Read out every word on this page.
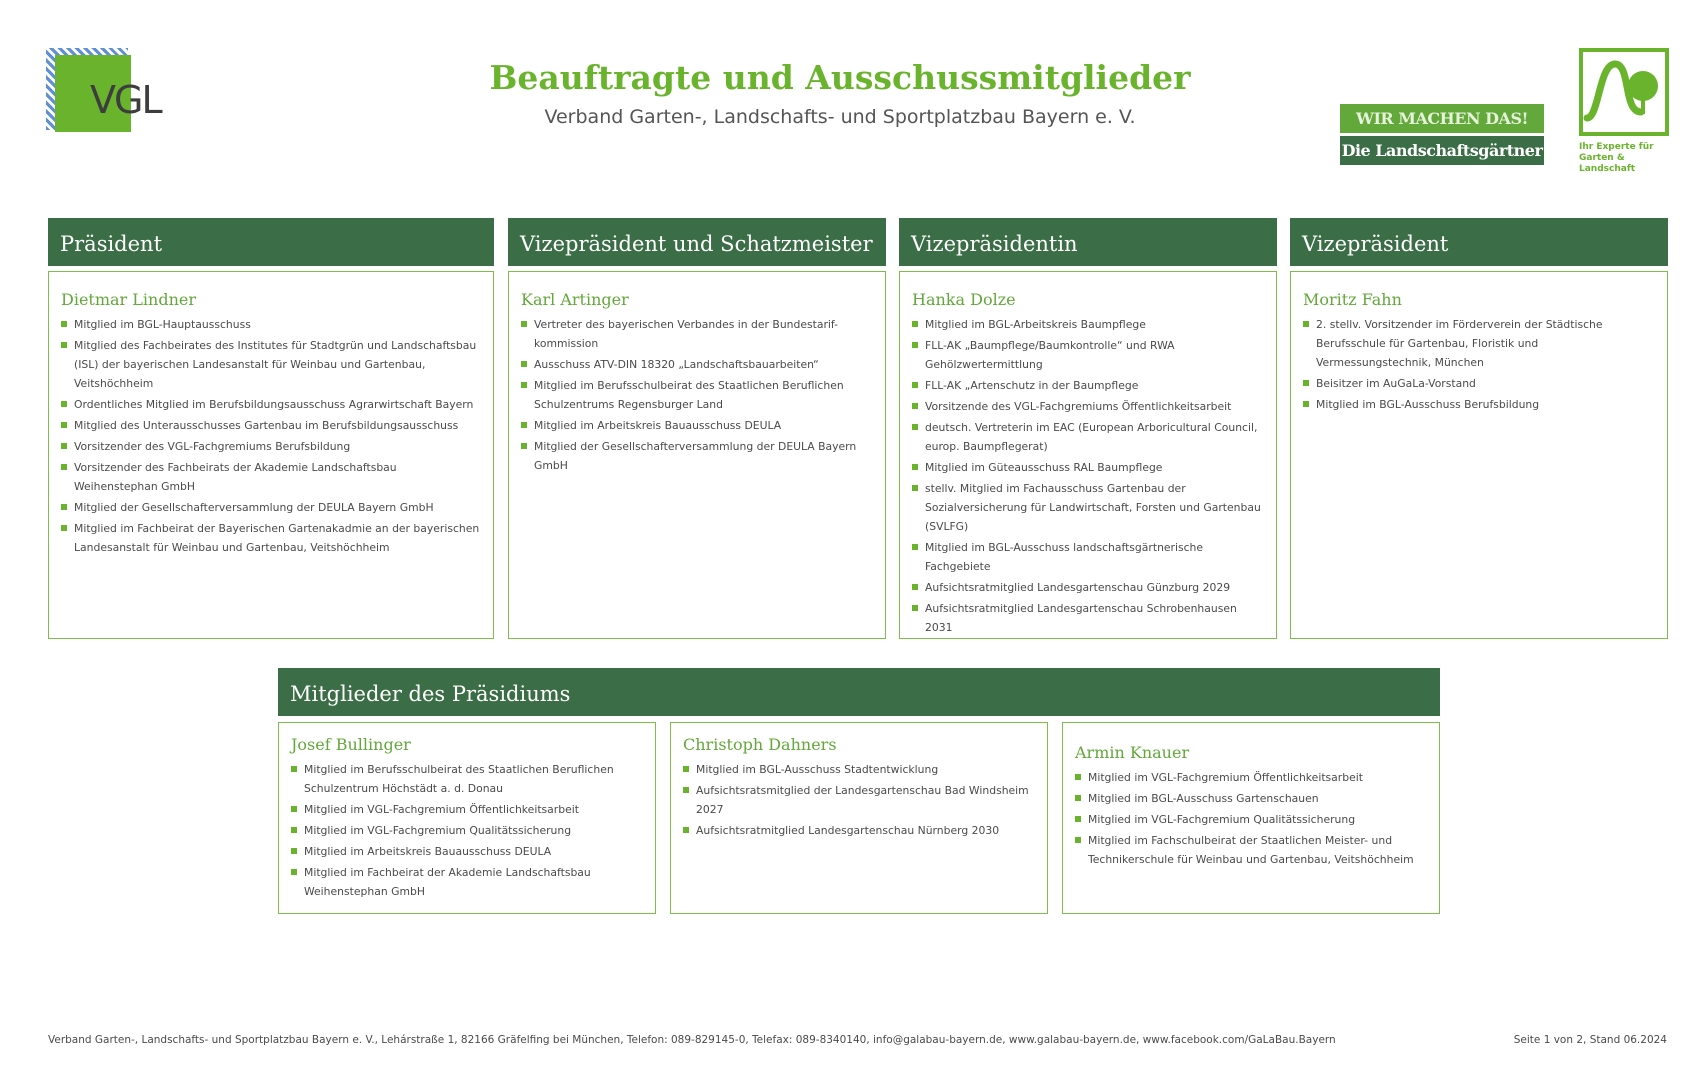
VGL
Beauftragte und Ausschussmitglieder
Verband Garten-, Landschafts- und Sportplatzbau Bayern e. V.	WIR MACHEN DAS!
Die Landschaftsgärtner	Ihr Experte für Garten & Landschaft
Präsident
Dietmar Lindner
Mitglied im BGL-Hauptausschuss
Mitglied des Fachbeirates des Institutes für Stadtgrün und Landschaftsbau (ISL) der bayerischen Landesanstalt für Weinbau und Gartenbau, Veitshöchheim
Ordentliches Mitglied im Berufsbildungsausschuss Agrarwirtschaft Bayern
Mitglied des Unterausschusses Gartenbau im Berufsbildungsausschuss
Vorsitzender des VGL-Fachgremiums Berufsbildung
Vorsitzender des Fachbeirats der Akademie Landschaftsbau Weihenstephan GmbH
Mitglied der Gesellschafterversammlung der DEULA Bayern GmbH
Mitglied im Fachbeirat der Bayerischen Gartenakadmie an der bayerischen Landesanstalt für Weinbau und Gartenbau, Veitshöchheim
Vizepräsident und Schatzmeister
Karl Artinger
Vertreter des bayerischen Verbandes in der Bundestarif-kommission
Ausschuss ATV-DIN 18320 „Landschaftsbauarbeiten“
Mitglied im Berufsschulbeirat des Staatlichen Beruflichen Schulzentrums Regensburger Land
Mitglied im Arbeitskreis Bauausschuss DEULA
Mitglied der Gesellschafterversammlung der DEULA Bayern GmbH
Vizepräsidentin
Hanka Dolze
Mitglied im BGL-Arbeitskreis Baumpflege
FLL-AK „Baumpflege/Baumkontrolle“ und RWA Gehölzwertermittlung
FLL-AK „Artenschutz in der Baumpflege
Vorsitzende des VGL-Fachgremiums Öffentlichkeitsarbeit
deutsch. Vertreterin im EAC (European Arboricultural Council, europ. Baumpflegerat)
Mitglied im Güteausschuss RAL Baumpflege
stellv. Mitglied im Fachausschuss Gartenbau der Sozialversicherung für Landwirtschaft, Forsten und Gartenbau (SVLFG)
Mitglied im BGL-Ausschuss landschaftsgärtnerische Fachgebiete
Aufsichtsratmitglied Landesgartenschau Günzburg 2029
Aufsichtsratmitglied Landesgartenschau Schrobenhausen 2031
Vizepräsident
Moritz Fahn
2. stellv. Vorsitzender im Förderverein der Städtische Berufsschule für Gartenbau, Floristik und Vermessungstechnik, München
Beisitzer im AuGaLa-Vorstand
Mitglied im BGL-Ausschuss Berufsbildung
Mitglieder des Präsidiums
Josef Bullinger
Mitglied im Berufsschulbeirat des Staatlichen Beruflichen Schulzentrum Höchstädt a. d. Donau
Mitglied im VGL-Fachgremium Öffentlichkeitsarbeit
Mitglied im VGL-Fachgremium Qualitätssicherung
Mitglied im Arbeitskreis Bauausschuss DEULA
Mitglied im Fachbeirat der Akademie Landschaftsbau Weihenstephan GmbH
Christoph Dahners
Mitglied im BGL-Ausschuss Stadtentwicklung
Aufsichtsratsmitglied der Landesgartenschau Bad Windsheim 2027
Aufsichtsratmitglied Landesgartenschau Nürnberg 2030
Armin Knauer
Mitglied im VGL-Fachgremium Öffentlichkeitsarbeit
Mitglied im BGL-Ausschuss Gartenschauen
Mitglied im VGL-Fachgremium Qualitätssicherung
Mitglied im Fachschulbeirat der Staatlichen Meister- und Technikerschule für Weinbau und Gartenbau, Veitshöchheim
Verband Garten-, Landschafts- und Sportplatzbau Bayern e. V., Lehárstraße 1, 82166 Gräfelfing bei München, Telefon: 089-829145-0, Telefax: 089-8340140, info@galabau-bayern.de, www.galabau-bayern.de, www.facebook.com/GaLaBau.Bayern	Seite 1 von 2, Stand 06.2024
